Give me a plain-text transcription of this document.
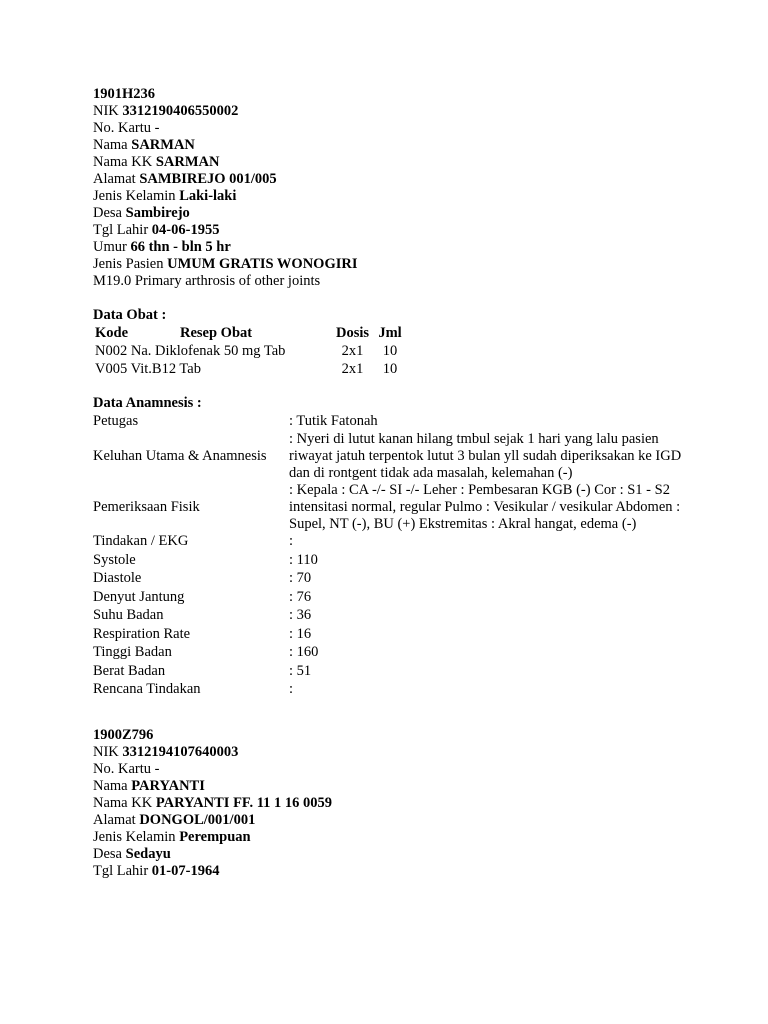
1901H236
NIK 3312190406550002
No. Kartu -
Nama SARMAN
Nama KK SARMAN
Alamat SAMBIREJO 001/005
Jenis Kelamin Laki-laki
Desa Sambirejo
Tgl Lahir 04-06-1955
Umur 66 thn - bln 5 hr
Jenis Pasien UMUM GRATIS WONOGIRI
M19.0 Primary arthrosis of other joints
Data Obat :
Kode	Resep Obat	Dosis	Jml
N002 Na. Diklofenak 50 mg Tab		2x1	10
V005 Vit.B12 Tab		2x1	10
Data Anamnesis :
Petugas	: Tutik Fatonah
Keluhan Utama & Anamnesis	: Nyeri di lutut kanan hilang tmbul sejak 1 hari yang lalu pasien riwayat jatuh terpentok lutut 3 bulan yll sudah diperiksakan ke IGD dan di rontgent tidak ada masalah, kelemahan (-)
Pemeriksaan Fisik	: Kepala : CA -/- SI -/- Leher : Pembesaran KGB (-) Cor : S1 - S2 intensitasi normal, regular Pulmo : Vesikular / vesikular Abdomen : Supel, NT (-), BU (+) Ekstremitas : Akral hangat, edema (-)
Tindakan / EKG	:
Systole	: 110
Diastole	: 70
Denyut Jantung	: 76
Suhu Badan	: 36
Respiration Rate	: 16
Tinggi Badan	: 160
Berat Badan	: 51
Rencana Tindakan	:
1900Z796
NIK 3312194107640003
No. Kartu -
Nama PARYANTI
Nama KK PARYANTI FF. 11 1 16 0059
Alamat DONGOL/001/001
Jenis Kelamin Perempuan
Desa Sedayu
Tgl Lahir 01-07-1964
